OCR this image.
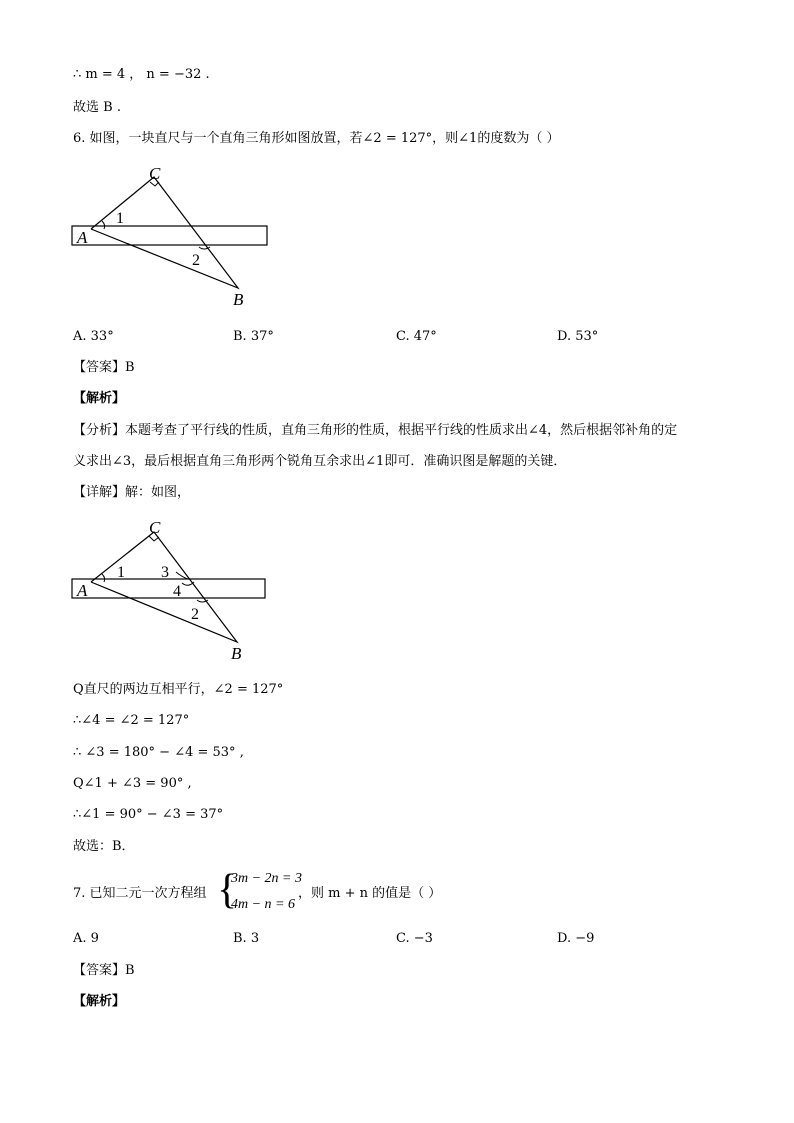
∴ m = 4 ， n = −32 .
故选 B .
6. 如图，一块直尺与一个直角三角形如图放置，若∠2 = 127°，则∠1的度数为（ ）
C
A
B
1
2
A. 33°	B. 37°	C. 47°	D. 53°
【答案】B
【解析】
【分析】本题考查了平行线的性质，直角三角形的性质，根据平行线的性质求出∠4，然后根据邻补角的定
义求出∠3，最后根据直角三角形两个锐角互余求出∠1即可．准确识图是解题的关键．
【详解】解：如图，
C
A
B
1 3
4
2
Q直尺的两边互相平行，∠2 = 127°
∴∠4 = ∠2 = 127°
∴ ∠3 = 180° − ∠4 = 53° ,
Q∠1 + ∠3 = 90° ,
∴∠1 = 90° − ∠3 = 37°
故选：B．
7. 已知二元一次方程组 {
3m − 2n = 3
4m − n = 6
，则 m + n 的值是（ ）
A. 9	B. 3	C. −3	D. −9
【答案】B
【解析】
